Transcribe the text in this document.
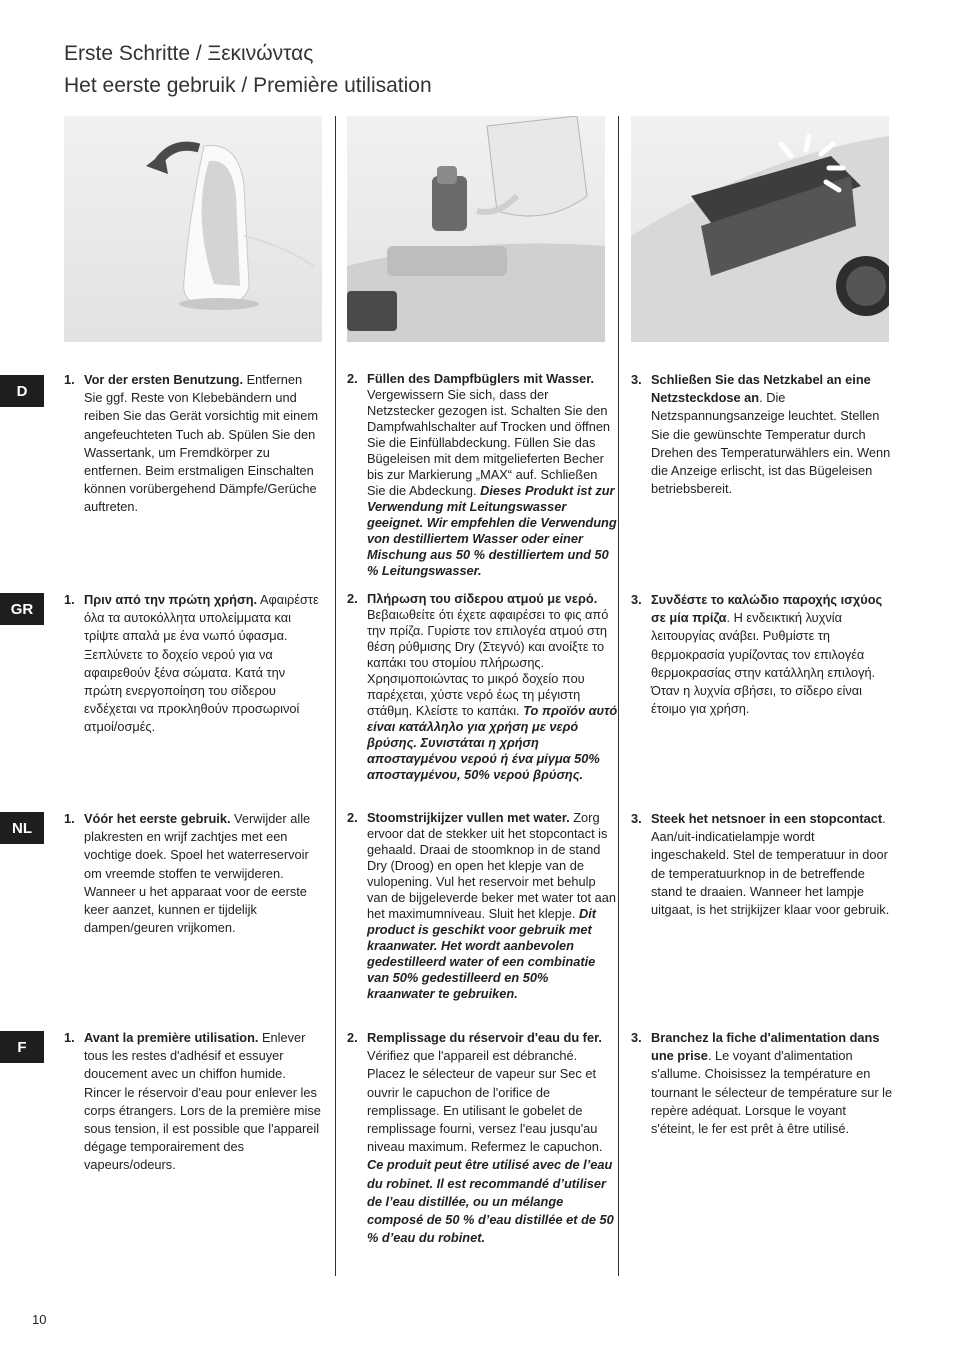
Erste Schritte / Ξεκινώντας
Het eerste gebruik / Première utilisation
D
GR
NL
F
1. Vor der ersten Benutzung. Entfernen Sie ggf. Reste von Klebebändern und reiben Sie das Gerät vorsichtig mit einem angefeuchteten Tuch ab. Spülen Sie den Wassertank, um Fremdkörper zu entfernen. Beim erstmaligen Einschalten können vorübergehend Dämpfe/Gerüche auftreten.
2. Füllen des Dampfbüglers mit Wasser. Vergewissern Sie sich, dass der Netzstecker gezogen ist. Schalten Sie den Dampfwahlschalter auf Trocken und öffnen Sie die Einfüllabdeckung. Füllen Sie das Bügeleisen mit dem mitgelieferten Becher bis zur Markierung „MAX“ auf. Schließen Sie die Abdeckung. Dieses Produkt ist zur Verwendung mit Leitungswasser geeignet. Wir empfehlen die Verwendung von destilliertem Wasser oder einer Mischung aus 50 % destilliertem und 50 % Leitungswasser.
3. Schließen Sie das Netzkabel an eine Netzsteckdose an. Die Netzspannungsanzeige leuchtet. Stellen Sie die gewünschte Temperatur durch Drehen des Temperaturwählers ein. Wenn die Anzeige erlischt, ist das Bügeleisen betriebsbereit.
1. Πριν από την πρώτη χρήση. Αφαιρέστε όλα τα αυτοκόλλητα υπολείμματα και τρίψτε απαλά με ένα νωπό ύφασμα. Ξεπλύνετε το δοχείο νερού για να αφαιρεθούν ξένα σώματα. Κατά την πρώτη ενεργοποίηση του σίδερου ενδέχεται να προκληθούν προσωρινοί ατμοί/οσμές.
2. Πλήρωση του σίδερου ατμού με νερό. Βεβαιωθείτε ότι έχετε αφαιρέσει το φις από την πρίζα. Γυρίστε τον επιλογέα ατμού στη θέση ρύθμισης Dry (Στεγνό) και ανοίξτε το καπάκι του στομίου πλήρωσης. Χρησιμοποιώντας το μικρό δοχείο που παρέχεται, χύστε νερό έως τη μέγιστη στάθμη. Κλείστε το καπάκι. Το προϊόν αυτό είναι κατάλληλο για χρήση με νερό βρύσης. Συνιστάται η χρήση αποσταγμένου νερού ή ένα μίγμα 50% αποσταγμένου, 50% νερού βρύσης.
3. Συνδέστε το καλώδιο παροχής ισχύος σε μία πρίζα. Η ενδεικτική λυχνία λειτουργίας ανάβει. Ρυθμίστε τη θερμοκρασία γυρίζοντας τον επιλογέα θερμοκρασίας στην κατάλληλη επιλογή. Όταν η λυχνία σβήσει, το σίδερο είναι έτοιμο για χρήση.
1. Vóór het eerste gebruik. Verwijder alle plakresten en wrijf zachtjes met een vochtige doek. Spoel het waterreservoir om vreemde stoffen te verwijderen. Wanneer u het apparaat voor de eerste keer aanzet, kunnen er tijdelijk dampen/geuren vrijkomen.
2. Stoomstrijkijzer vullen met water. Zorg ervoor dat de stekker uit het stopcontact is gehaald. Draai de stoomknop in de stand Dry (Droog) en open het klepje van de vulopening. Vul het reservoir met behulp van de bijgeleverde beker met water tot aan het maximumniveau. Sluit het klepje. Dit product is geschikt voor gebruik met kraanwater. Het wordt aanbevolen gedestilleerd water of een combinatie van 50% gedestilleerd en 50% kraanwater te gebruiken.
3. Steek het netsnoer in een stopcontact. Aan/uit-indicatielampje wordt ingeschakeld. Stel de temperatuur in door de temperatuurknop in de betreffende stand te draaien. Wanneer het lampje uitgaat, is het strijkijzer klaar voor gebruik.
1. Avant la première utilisation. Enlever tous les restes d'adhésif et essuyer doucement avec un chiffon humide. Rincer le réservoir d'eau pour enlever les corps étrangers. Lors de la première mise sous tension, il est possible que l'appareil dégage temporairement des vapeurs/odeurs.
2. Remplissage du réservoir d'eau du fer. Vérifiez que l'appareil est débranché. Placez le sélecteur de vapeur sur Sec et ouvrir le capuchon de l'orifice de remplissage. En utilisant le gobelet de remplissage fourni, versez l'eau jusqu'au niveau maximum. Refermez le capuchon. Ce produit peut être utilisé avec de l’eau du robinet. Il est recommandé d’utiliser de l’eau distillée, ou un mélange composé de 50 % d’eau distillée et de 50 % d’eau du robinet.
3. Branchez la fiche d'alimentation dans une prise. Le voyant d'alimentation s'allume. Choisissez la température en tournant le sélecteur de température sur le repère adéquat. Lorsque le voyant s'éteint, le fer est prêt à être utilisé.
10
